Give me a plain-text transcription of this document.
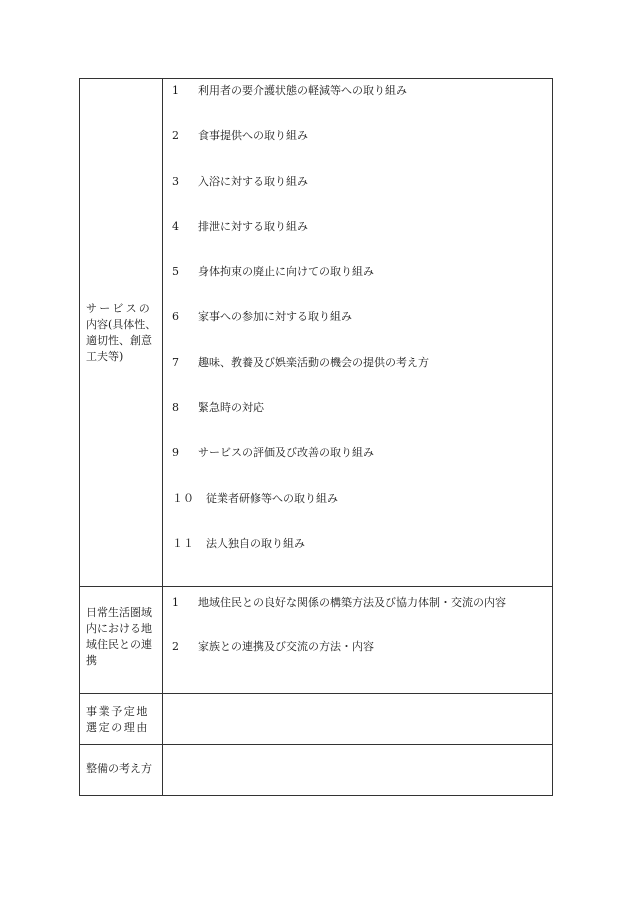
サービスの
内容(具体性、
適切性、創意
工夫等)
1 利用者の要介護状態の軽減等への取り組み
2 食事提供への取り組み
3 入浴に対する取り組み
4 排泄に対する取り組み
5 身体拘束の廃止に向けての取り組み
6 家事への参加に対する取り組み
7 趣味、教養及び娯楽活動の機会の提供の考え方
8 緊急時の対応
9 サービスの評価及び改善の取り組み
１０ 従業者研修等への取り組み
１１ 法人独自の取り組み
日常生活圏域
内における地
域住民との連
携
1 地域住民との良好な関係の構築方法及び協力体制・交流の内容
2 家族との連携及び交流の方法・内容
事業予定地
選定の理由
整備の考え方
